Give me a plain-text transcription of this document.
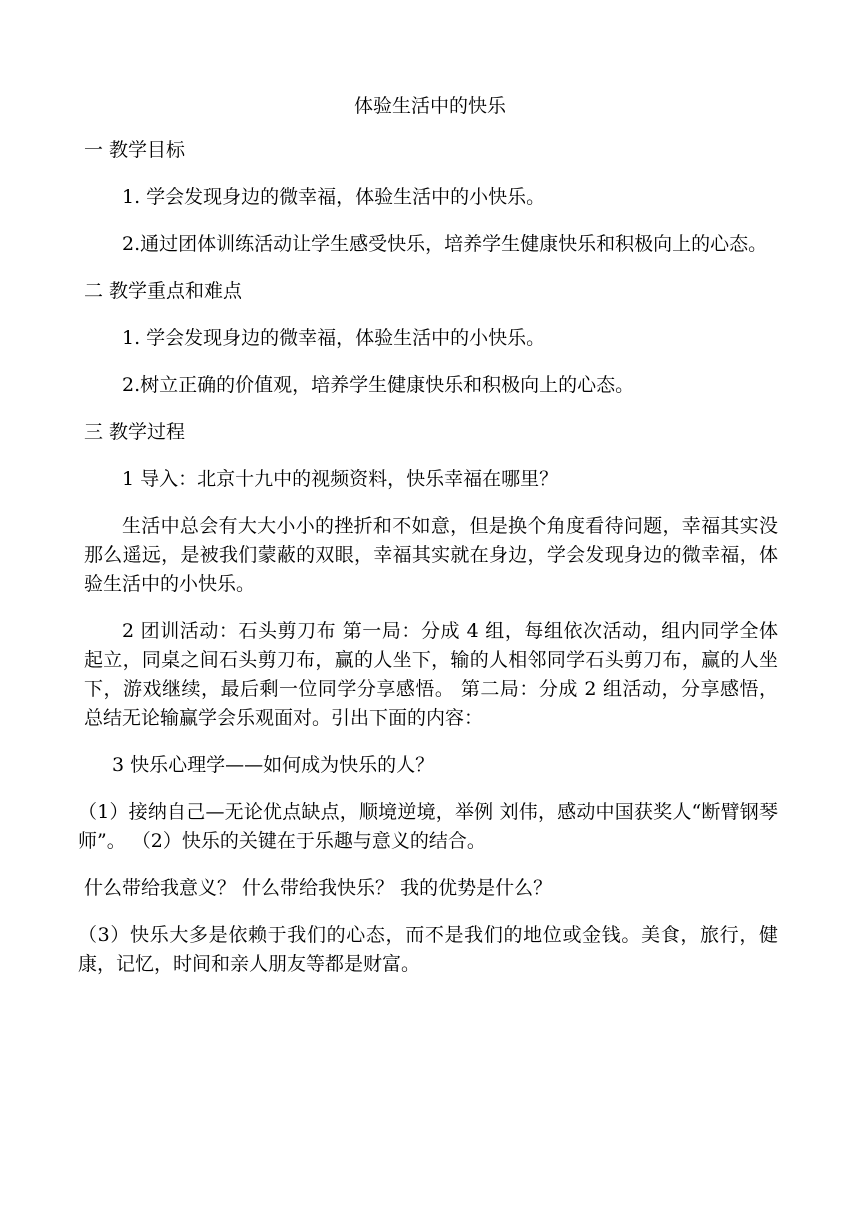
体验生活中的快乐

一 教学目标

1. 学会发现身边的微幸福，体验生活中的小快乐。

2.通过团体训练活动让学生感受快乐，培养学生健康快乐和积极向上的心态。

二 教学重点和难点

1. 学会发现身边的微幸福，体验生活中的小快乐。

2.树立正确的价值观，培养学生健康快乐和积极向上的心态。

三 教学过程

1 导入：北京十九中的视频资料，快乐幸福在哪里？

生活中总会有大大小小的挫折和不如意，但是换个角度看待问题，幸福其实没那么遥远，是被我们蒙蔽的双眼，幸福其实就在身边，学会发现身边的微幸福，体验生活中的小快乐。

2 团训活动：石头剪刀布 第一局：分成 4 组，每组依次活动，组内同学全体起立，同桌之间石头剪刀布，赢的人坐下，输的人相邻同学石头剪刀布，赢的人坐下，游戏继续，最后剩一位同学分享感悟。 第二局：分成 2 组活动，分享感悟，总结无论输赢学会乐观面对。引出下面的内容：

3 快乐心理学——如何成为快乐的人？

（1）接纳自己—无论优点缺点，顺境逆境，举例 刘伟，感动中国获奖人“断臂钢琴师”。 （2）快乐的关键在于乐趣与意义的结合。

什么带给我意义？ 什么带给我快乐？ 我的优势是什么？

（3）快乐大多是依赖于我们的心态，而不是我们的地位或金钱。美食，旅行，健康，记忆，时间和亲人朋友等都是财富。
